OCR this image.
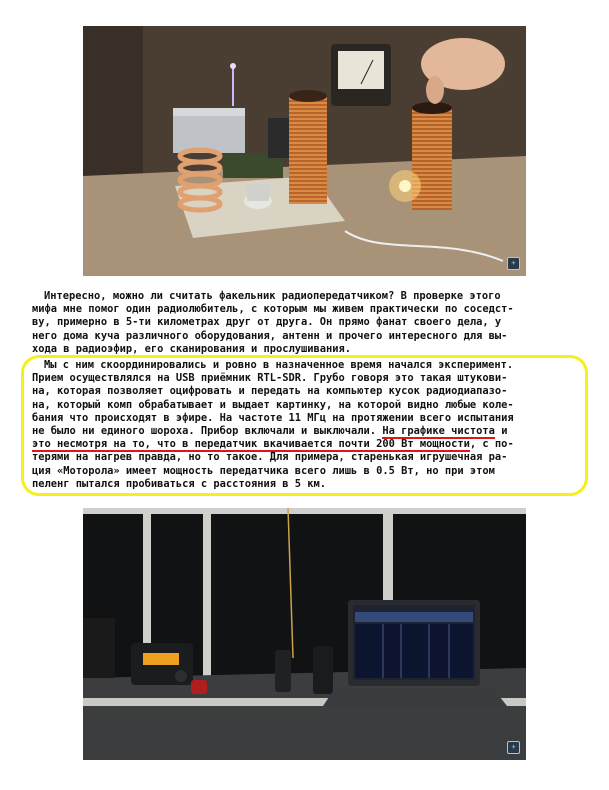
+

Интересно, можно ли считать факельник радиопередатчиком? В проверке этого
мифа мне помог один радиолюбитель, с которым мы живем практически по соседст-
ву, примерно в 5-ти километрах друг от друга. Он прямо фанат своего дела, у
него дома куча различного оборудования, антенн и прочего интересного для вы-
хода в радиоэфир, его сканирования и прослушивания.

Мы с ним скоординировались и ровно в назначенное время начался эксперимент.
Прием осуществлялся на USB приёмник RTL-SDR. Грубо говоря это такая штукови-
на, которая позволяет оцифровать и передать на компьютер кусок радиодиапазо-
на, который комп обрабатывает и выдает картинку, на которой видно любые коле-
бания что происходят в эфире. На частоте 11 МГц на протяжении всего испытания
не было ни единого шороха. Прибор включали и выключали. На графике чистота и
это несмотря на то, что в передатчик вкачивается почти 200 Вт мощности, с по-
терями на нагрев правда, но то такое. Для примера, старенькая игрушечная ра-
ция «Моторола» имеет мощность передатчика всего лишь в 0.5 Вт, но при этом
пеленг пытался пробиваться с расстояния в 5 км.

+
